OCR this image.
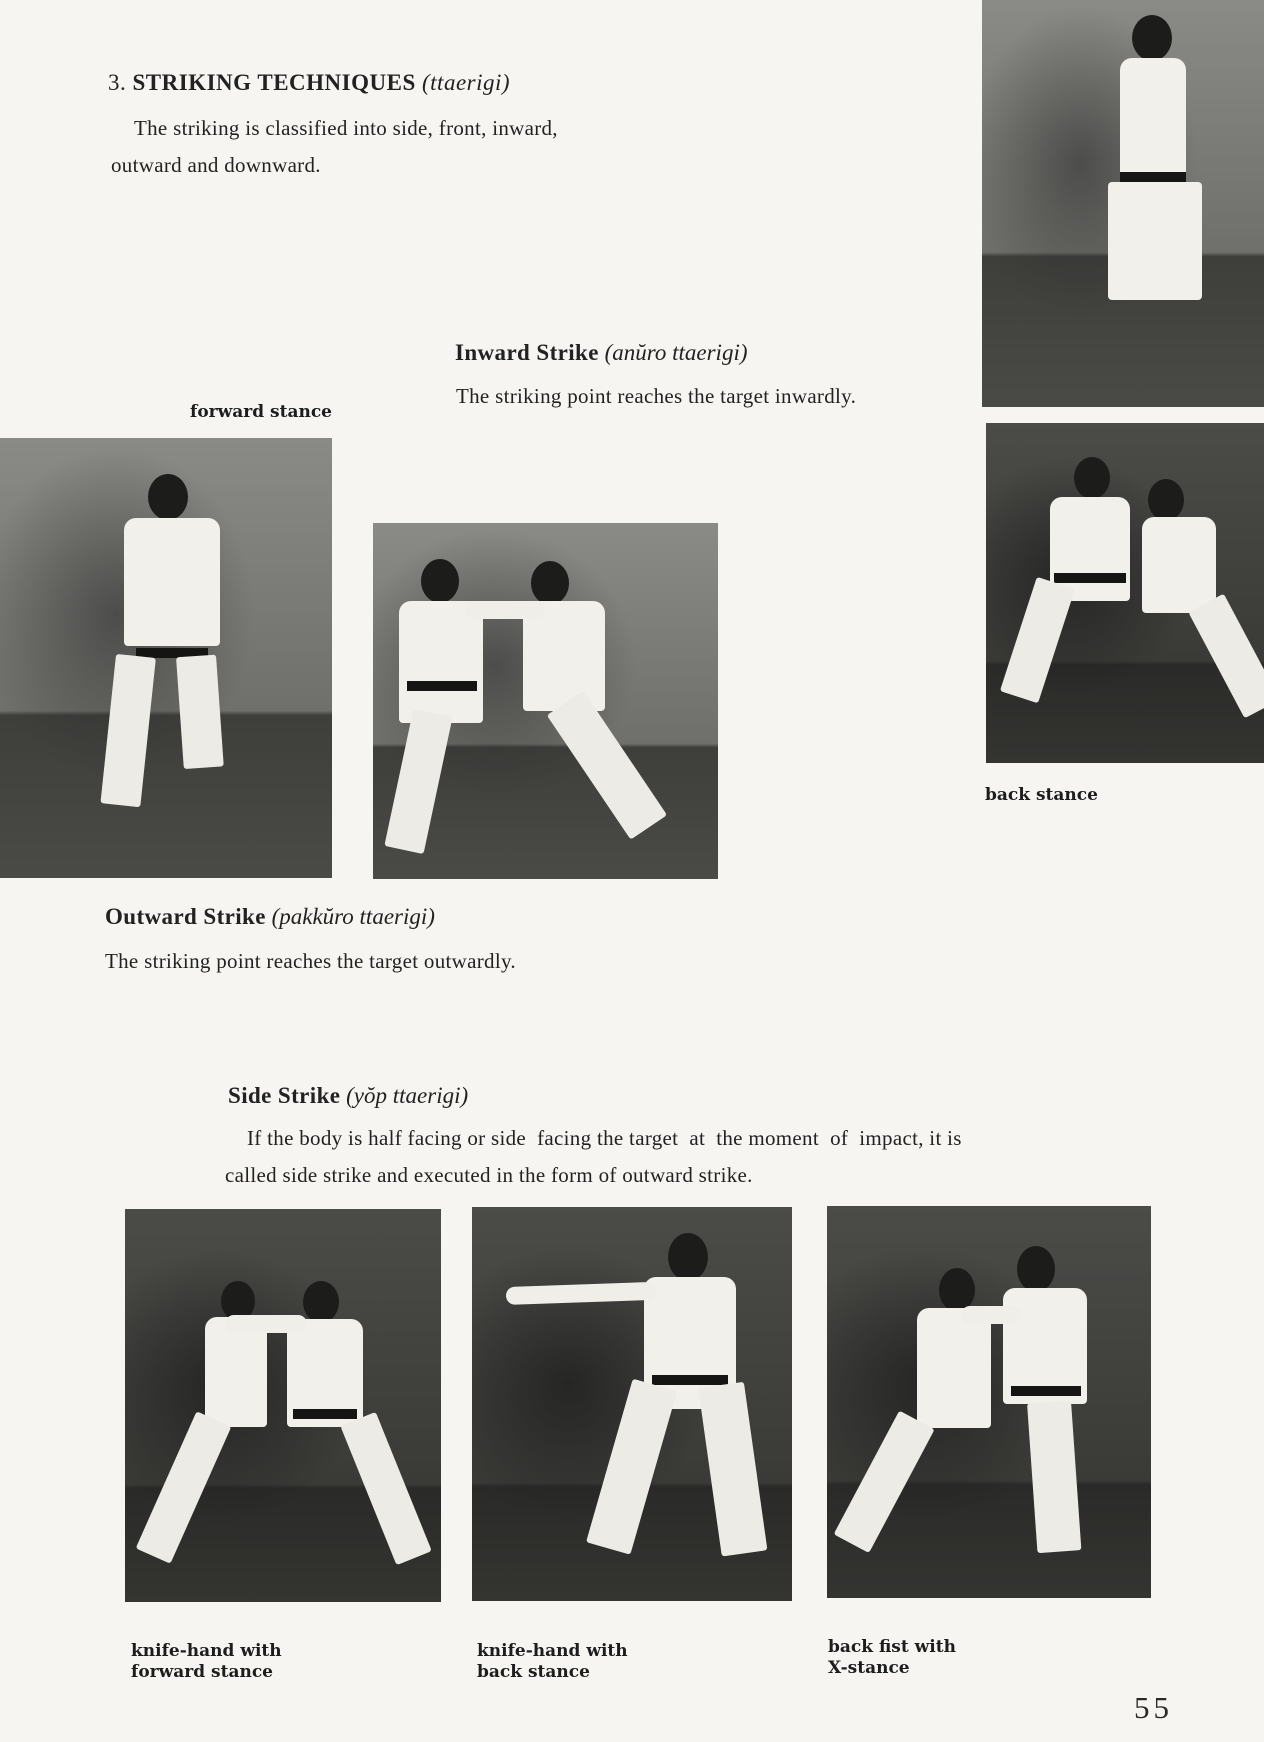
3. STRIKING TECHNIQUES (ttaerigi)
The striking is classified into side, front, inward,
outward and downward.
Inward Strike (anŭro ttaerigi)
The striking point reaches the target inwardly.
forward stance
back stance
Outward Strike (pakkŭro ttaerigi)
The striking point reaches the target outwardly.
Side Strike (yŏp ttaerigi)
If the body is half facing or side  facing the target  at  the moment  of  impact, it is
called side strike and executed in the form of outward strike.
knife-hand with
forward stance
knife-hand with
back stance
back fist with
X-stance
55
